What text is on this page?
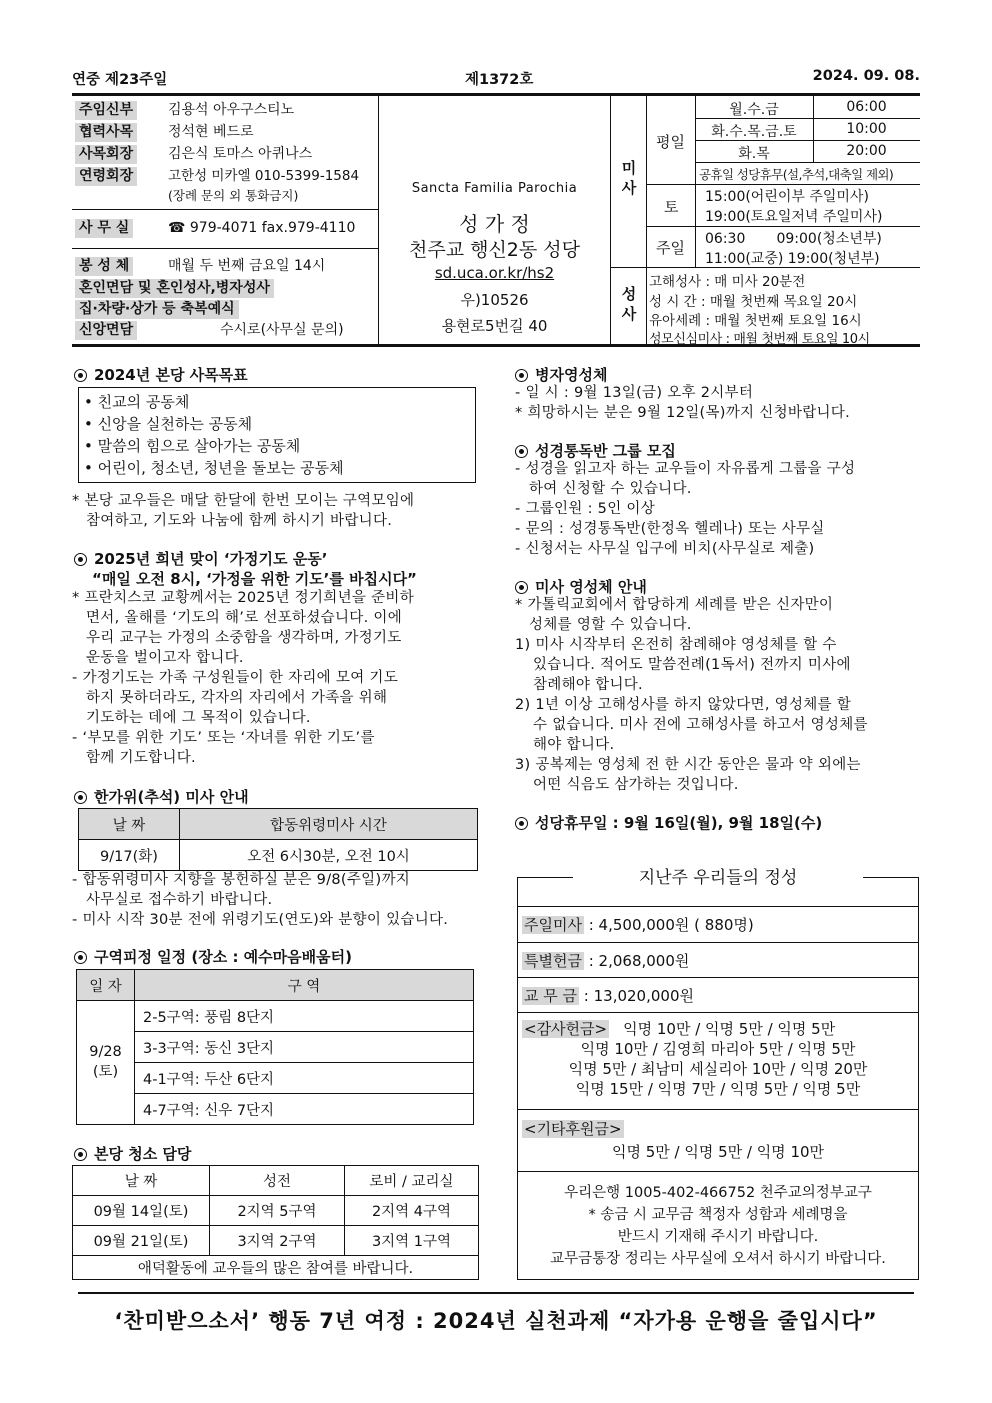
연중 제23주일	제1372호	2024. 09. 08.
주임신부 김용석 아우구스티노
협력사목 정석현 베드로
사목회장 김은식 토마스 아퀴나스
연령회장	고한성 미카엘 010-5399-1584
(장례 문의 외 통화금지)
사 무 실	☎ 979-4071 fax.979-4110
봉 성 체	매월 두 번째 금요일 14시
혼인면담 및 혼인성사,병자성사
집·차량·상가 등 축복예식
신앙면담	수시로(사무실 문의)
Sancta Familia Parochia
성 가 정
천주교 행신2동 성당
sd.uca.or.kr/hs2
우)10526
용현로5번길 40
미사
평일
월.수.금	06:00
화.수.목.금.토	10:00
화.목	20:00
공휴일 성당휴무(설,추석,대축일 제외)
토
15:00(어린이부 주일미사)
19:00(토요일저녁 주일미사)
주일 06:30       09:00(청소년부)
11:00(교중) 19:00(청년부)
성사
고해성사 : 매 미사 20분전
성 시 간 : 매월 첫번째 목요일 20시
유아세례 : 매월 첫번째 토요일 16시
성모신심미사 : 매월 첫번째 토요일 10시
2024년 본당 사목목표
• 친교의 공동체
• 신앙을 실천하는 공동체
• 말씀의 힘으로 살아가는 공동체
• 어린이, 청소년, 청년을 돌보는 공동체

* 본당 교우들은 매달 한달에 한번 모이는 구역모임에

참여하고, 기도와 나눔에 함께 하시기 바랍니다.

2025년 희년 맞이 ‘가정기도 운동’
“매일 오전 8시, ‘가정을 위한 기도’를 바칩시다”

* 프란치스코 교황께서는 2025년 정기희년을 준비하

면서, 올해를 ‘기도의 해’로 선포하셨습니다. 이에

우리 교구는 가정의 소중함을 생각하며, 가정기도

운동을 벌이고자 합니다.

- 가정기도는 가족 구성원들이 한 자리에 모여 기도

하지 못하더라도, 각자의 자리에서 가족을 위해

기도하는 데에 그 목적이 있습니다.

- ‘부모를 위한 기도’ 또는 ‘자녀를 위한 기도’를

함께 기도합니다.

한가위(추석) 미사 안내
날 짜	합동위령미사 시간
9/17(화)	오전 6시30분, 오전 10시

- 합동위령미사 지향을 봉헌하실 분은 9/8(주일)까지

사무실로 접수하기 바랍니다.

- 미사 시작 30분 전에 위령기도(연도)와 분향이 있습니다.

구역피정 일정 (장소 : 예수마음배움터)
일 자	구 역

9/28
(토)	2-5구역: 풍림 8단지
	3-3구역: 동신 3단지
	4-1구역: 두산 6단지
	4-7구역: 신우 7단지
본당 청소 담당
날 짜	성전	로비 / 교리실
09월 14일(토)	2지역 5구역	2지역 4구역
09월 21일(토)	3지역 2구역	3지역 1구역
애덕활동에 교우들의 많은 참여를 바랍니다.		
병자영성체

- 일 시 : 9월 13일(금) 오후 2시부터

* 희망하시는 분은 9월 12일(목)까지 신청바랍니다.

성경통독반 그룹 모집

- 성경을 읽고자 하는 교우들이 자유롭게 그룹을 구성

하여 신청할 수 있습니다.

- 그룹인원 : 5인 이상

- 문의 : 성경통독반(한정옥 헬레나) 또는 사무실

- 신청서는 사무실 입구에 비치(사무실로 제출)

미사 영성체 안내

* 가톨릭교회에서 합당하게 세례를 받은 신자만이

성체를 영할 수 있습니다.

1) 미사 시작부터 온전히 참례해야 영성체를 할 수

있습니다. 적어도 말씀전례(1독서) 전까지 미사에

참례해야 합니다.

2) 1년 이상 고해성사를 하지 않았다면, 영성체를 할

수 없습니다. 미사 전에 고해성사를 하고서 영성체를

해야 합니다.

3) 공복제는 영성체 전 한 시간 동안은 물과 약 외에는

어떤 식음도 삼가하는 것입니다.

성당휴무일 : 9월 16일(월), 9월 18일(수)
지난주 우리들의 정성
주일미사 : 4,500,000원 ( 880명)
특별헌금 : 2,068,000원
교 무 금 : 13,020,000원
<감사헌금> 익명 10만 / 익명 5만 / 익명 5만
익명 10만 / 김영희 마리아 5만 / 익명 5만
익명 5만 / 최남미 세실리아 10만 / 익명 20만
익명 15만 / 익명 7만 / 익명 5만 / 익명 5만
<기타후원금>
익명 5만 / 익명 5만 / 익명 10만
우리은행 1005-402-466752 천주교의정부교구
* 송금 시 교무금 책정자 성함과 세례명을
반드시 기재해 주시기 바랍니다.
교무금통장 정리는 사무실에 오셔서 하시기 바랍니다.
‘찬미받으소서’ 행동 7년 여정 : 2024년 실천과제 “자가용 운행을 줄입시다”
